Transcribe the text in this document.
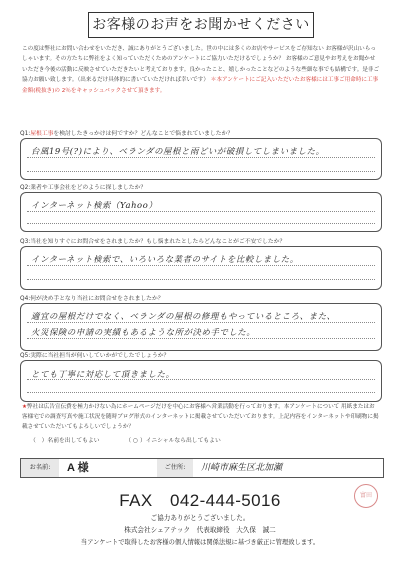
お客様のお声をお聞かせください
この度は弊社にお問い合わせをいただき、誠にありがとうございました。世の中には多くのお店やサービスをご存知ない お客様が沢山いらっしゃいます。その方たちに弊社をよく知っていただくためのアンケートにご協力いただけるでしょうか？ お客様のご意見やお考えをお聞かせいただき今後の活動に反映させていただきたいと考えております。良かったこと、嬉しかったことなどのような些細な事でも結構です。是非ご協力お願い致します。（出来るだけ具体的に書いていただければ幸いです） ＊本アンケートにご記入いただいたお客様には工事ご用命時に工事金額(税抜き)の 2％をキャッシュバックさせて頂きます。
Q1:屋根工事を検討したきっかけは何ですか？どんなことで悩まれていましたか？
台風19号(?)により、ベランダの屋根と雨どいが破損してしまいました。
Q2:業者や工事会社をどのように探しましたか？
インターネット検索（Yahoo）
Q3:当社を知りすぐにお問合せをされましたか？もし悩まれたとしたらどんなことがご不安でしたか？
インターネット検索で、いろいろな業者のサイトを比較しました。
Q4:何が決め手となり当社にお問合せをされましたか？
適宜の屋根だけでなく、ベランダの屋根の修理もやっているところ、また、
火災保険の申請の実績もあるような所が決め手でした。
Q5:実際に当社担当が伺いしていかがでしたでしょうか？
とても丁寧に対応して頂きました。
★弊社は広告宣伝費を極力かけない為にホームページだけを中心にお客様へ営業活動を行っております。本アンケートについて 用紙またはお客様宅での調査写真や施工状況を随時ブログ形式のインターネットに掲載させていただいております。上記内容をインターネットや印刷物に掲載させていただいてもよろしいでしょうか？
（　）名前を出してもよい	（ ○ ）イニシャルなら出してもよい
お名前:	A 様	ご住所:	川崎市麻生区北加瀬
富田
FAX　042-444-5016
ご協力ありがとうございました。
株式会社シェアテック　代表取締役　大久保　誠二
当アンケートで取得したお客様の個人情報は関係法規に基づき厳正に管理致します。
